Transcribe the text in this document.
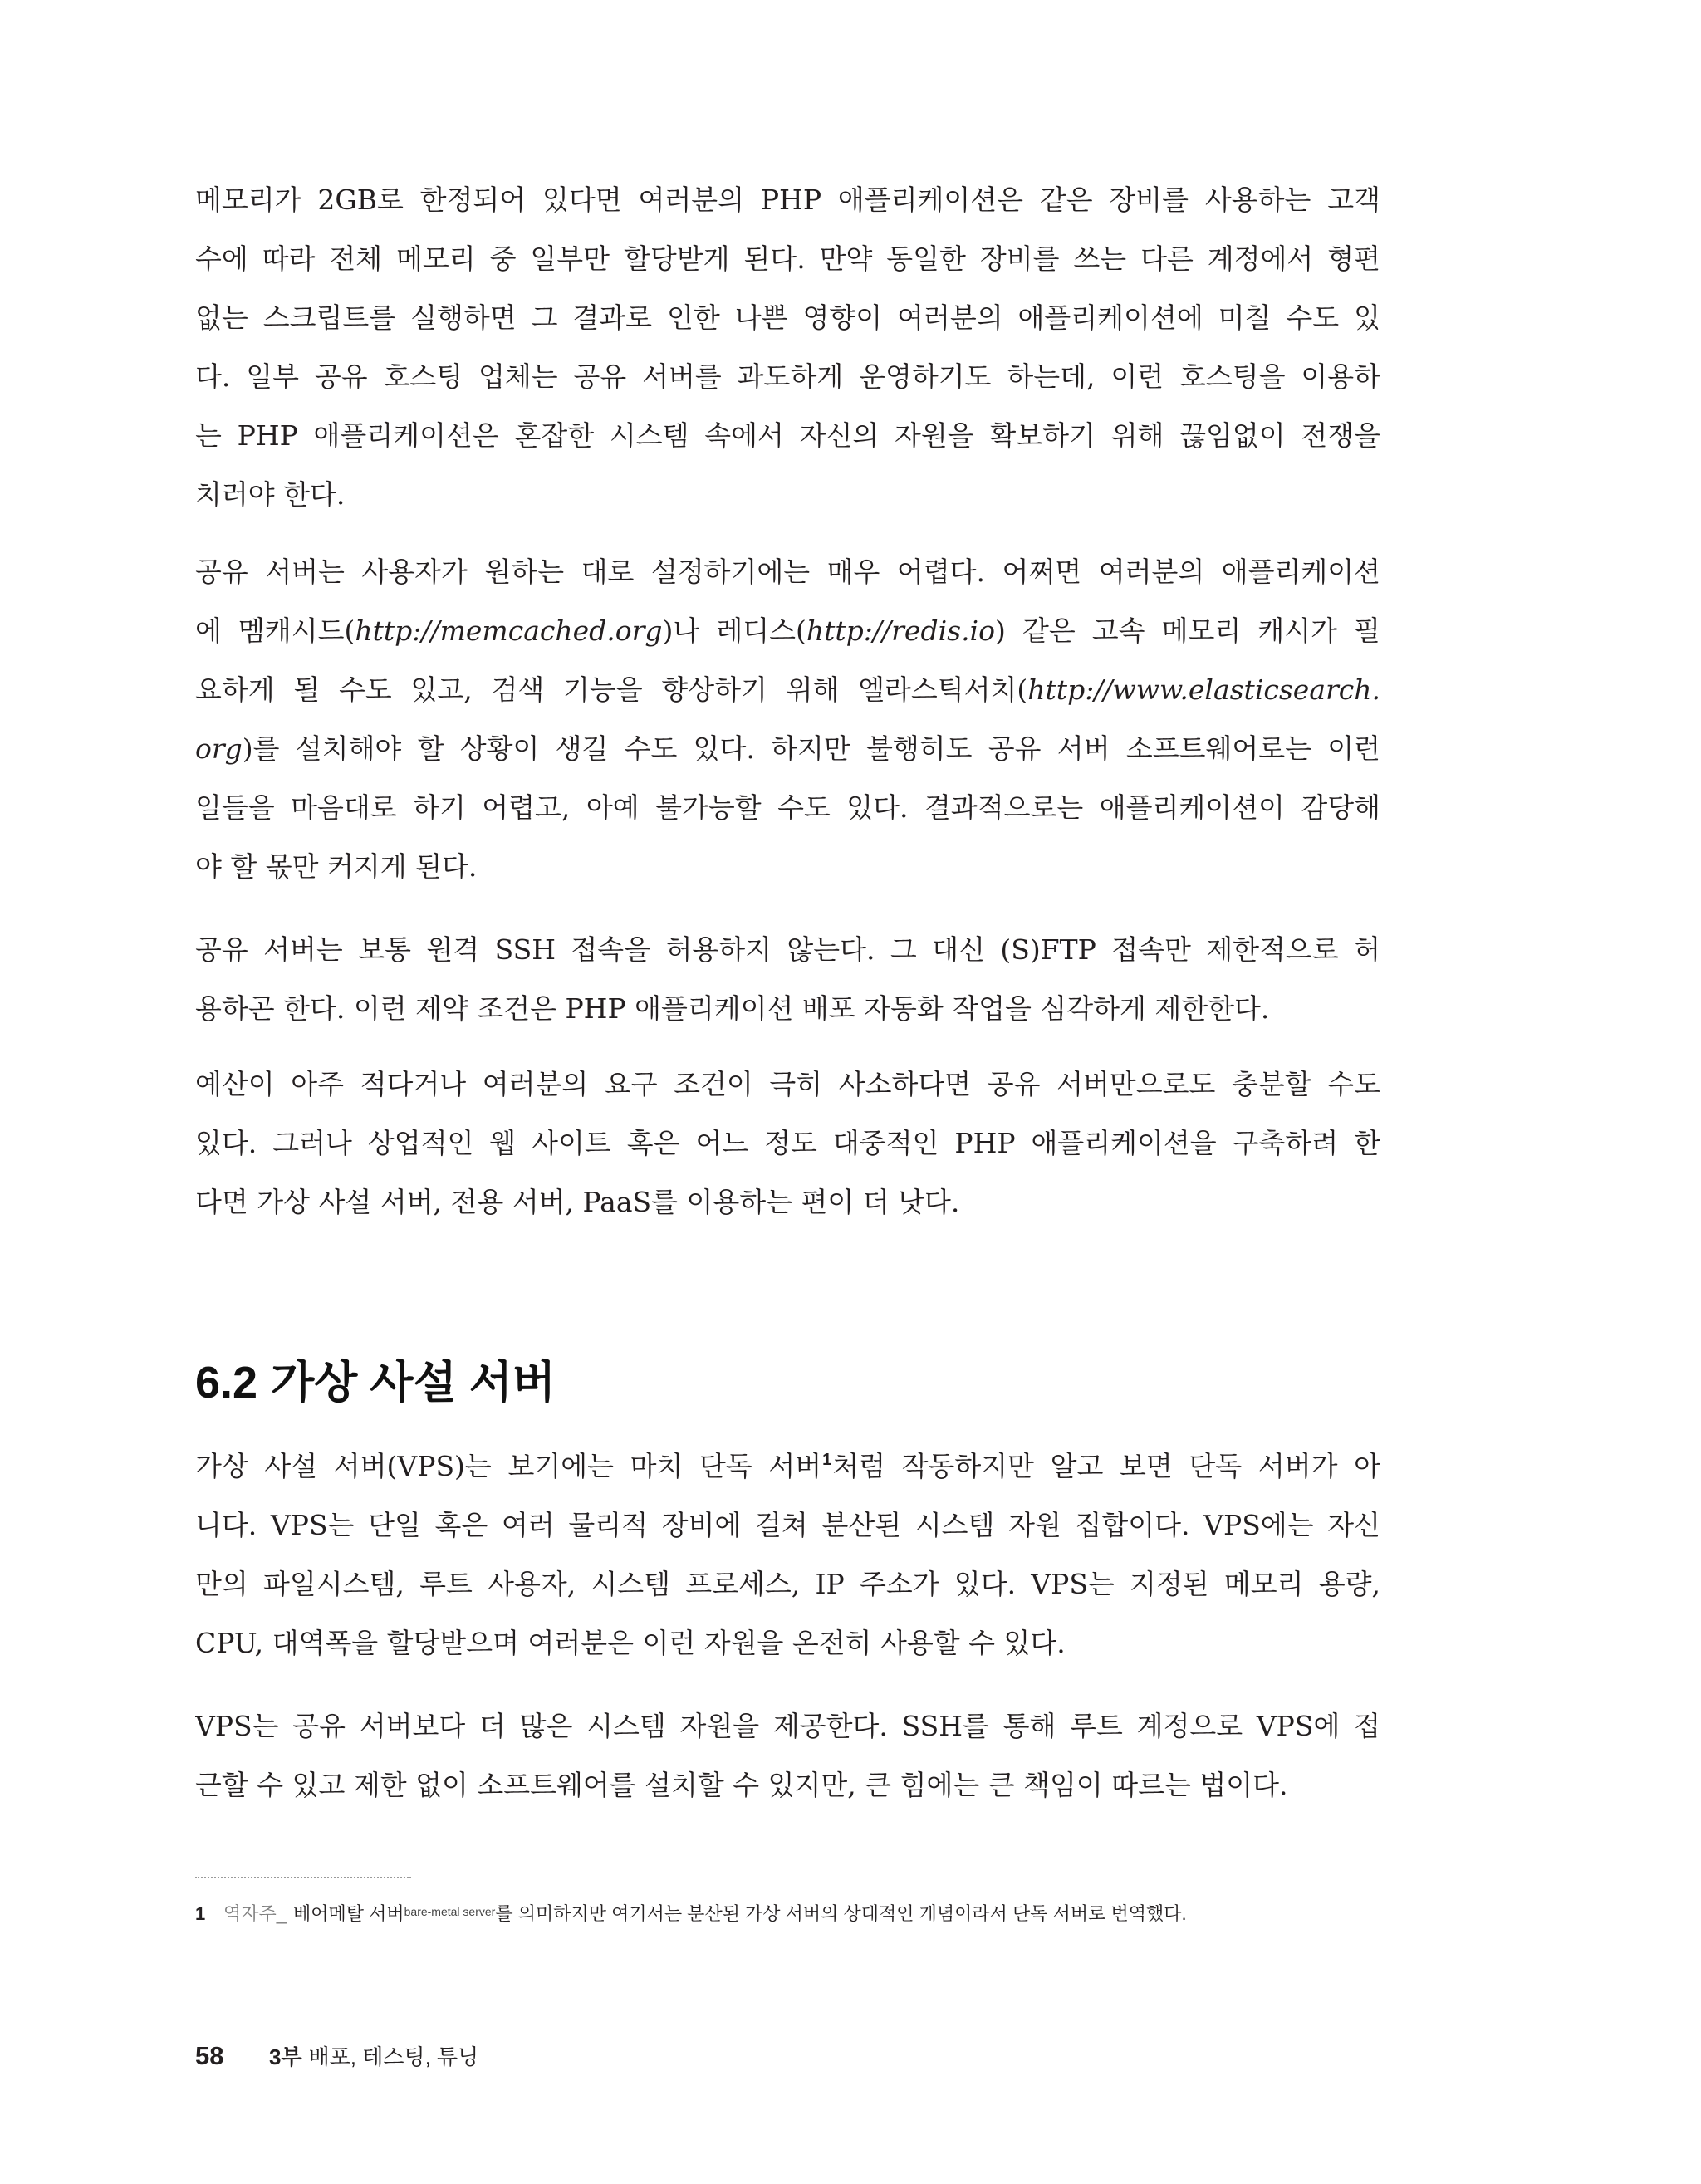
메모리가 2GB로 한정되어 있다면 여러분의 PHP 애플리케이션은 같은 장비를 사용하는 고객
수에 따라 전체 메모리 중 일부만 할당받게 된다. 만약 동일한 장비를 쓰는 다른 계정에서 형편
없는 스크립트를 실행하면 그 결과로 인한 나쁜 영향이 여러분의 애플리케이션에 미칠 수도 있
다. 일부 공유 호스팅 업체는 공유 서버를 과도하게 운영하기도 하는데, 이런 호스팅을 이용하
는 PHP 애플리케이션은 혼잡한 시스템 속에서 자신의 자원을 확보하기 위해 끊임없이 전쟁을
치러야 한다.
공유 서버는 사용자가 원하는 대로 설정하기에는 매우 어렵다. 어쩌면 여러분의 애플리케이션
에 멤캐시드(http://memcached.org)나 레디스(http://redis.io) 같은 고속 메모리 캐시가 필
요하게 될 수도 있고, 검색 기능을 향상하기 위해 엘라스틱서치(http://www.elasticsearch.
org)를 설치해야 할 상황이 생길 수도 있다. 하지만 불행히도 공유 서버 소프트웨어로는 이런
일들을 마음대로 하기 어렵고, 아예 불가능할 수도 있다. 결과적으로는 애플리케이션이 감당해
야 할 몫만 커지게 된다.
공유 서버는 보통 원격 SSH 접속을 허용하지 않는다. 그 대신 (S)FTP 접속만 제한적으로 허
용하곤 한다. 이런 제약 조건은 PHP 애플리케이션 배포 자동화 작업을 심각하게 제한한다.
예산이 아주 적다거나 여러분의 요구 조건이 극히 사소하다면 공유 서버만으로도 충분할 수도
있다. 그러나 상업적인 웹 사이트 혹은 어느 정도 대중적인 PHP 애플리케이션을 구축하려 한
다면 가상 사설 서버, 전용 서버, PaaS를 이용하는 편이 더 낫다.
6.2 가상 사설 서버
가상 사설 서버(VPS)는 보기에는 마치 단독 서버$^1$처럼 작동하지만 알고 보면 단독 서버가 아
니다. VPS는 단일 혹은 여러 물리적 장비에 걸쳐 분산된 시스템 자원 집합이다. VPS에는 자신
만의 파일시스템, 루트 사용자, 시스템 프로세스, IP 주소가 있다. VPS는 지정된 메모리 용량,
CPU, 대역폭을 할당받으며 여러분은 이런 자원을 온전히 사용할 수 있다.
VPS는 공유 서버보다 더 많은 시스템 자원을 제공한다. SSH를 통해 루트 계정으로 VPS에 접
근할 수 있고 제한 없이 소프트웨어를 설치할 수 있지만, 큰 힘에는 큰 책임이 따르는 법이다.
1 역자주_ 베어메탈 서버$^{bare-metal server}$를 의미하지만 여기서는 분산된 가상 서버의 상대적인 개념이라서 단독 서버로 번역했다.
58 3부 배포, 테스팅, 튜닝
